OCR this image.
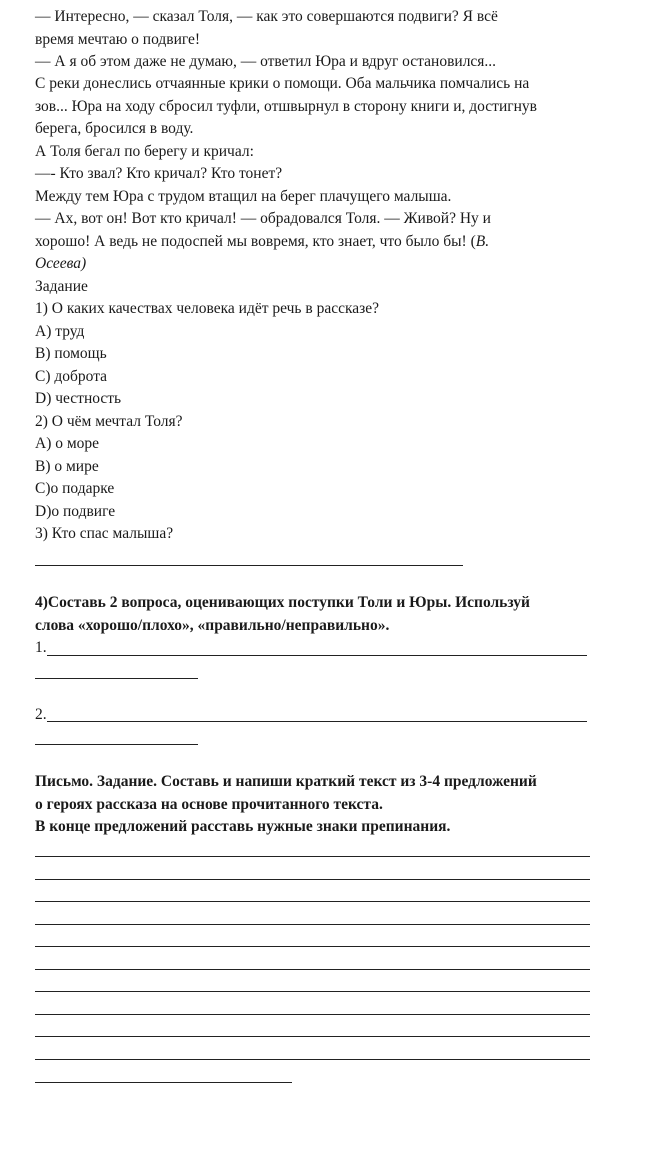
— Интересно, — сказал Толя, — как это совершаются подвиги? Я всё
время мечтаю о подвиге!
— А я об этом даже не думаю, — ответил Юра и вдруг остановился...
С реки донеслись отчаянные крики о помощи. Оба мальчика помчались на
зов... Юра на ходу сбросил туфли, отшвырнул в сторону книги и, достигнув
берега, бросился в воду.
А Толя бегал по берегу и кричал:
—- Кто звал? Кто кричал? Кто тонет?
Между тем Юра с трудом втащил на берег плачущего малыша.
— Ах, вот он! Вот кто кричал! — обрадовался Толя. — Живой? Ну и
хорошо! А ведь не подоспей мы вовремя, кто знает, что было бы! (В.
Осеева)
Задание
1) О каких качествах человека идёт речь в рассказе?
A) труд
B) помощь
C) доброта
D) честность
2) О чём мечтал Толя?
A) о море
B) о мире
C)о подарке
D)о подвиге
3) Кто спас малыша?
4)Составь 2 вопроса, оценивающих поступки Толи и Юры. Используй
слова «хорошо/плохо», «правильно/неправильно».
1.
2.
Письмо. Задание. Составь и напиши краткий текст из 3-4 предложений
о героях рассказа на основе прочитанного текста.
В конце предложений расставь нужные знаки препинания.
